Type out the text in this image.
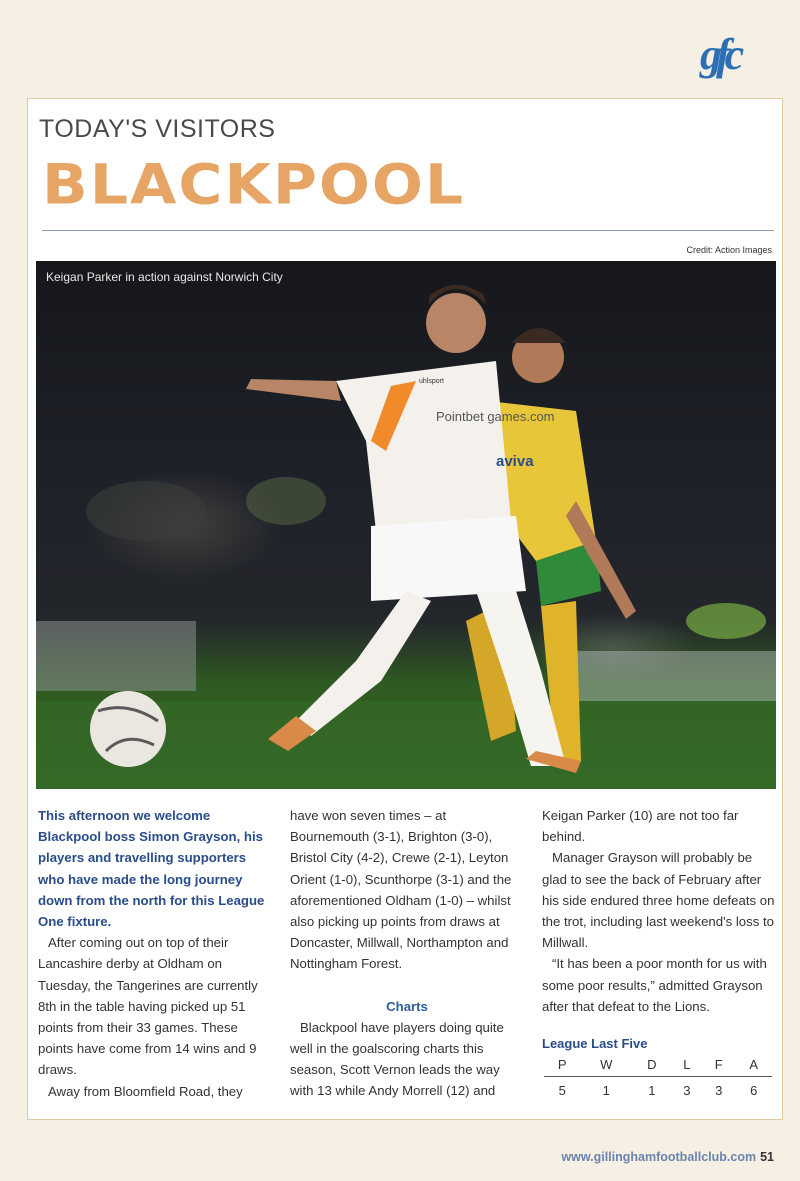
gfc
TODAY'S VISITORS
BLACKPOOL
Credit: Action Images
Pointbet games.com
aviva
uhlsport
Keigan Parker in action against Norwich City

This afternoon we welcome Blackpool boss Simon Grayson, his players and travelling supporters who have made the long journey down from the north for this League One fixture.

After coming out on top of their Lancashire derby at Oldham on Tuesday, the Tangerines are currently 8th in the table having picked up 51 points from their 33 games. These points have come from 14 wins and 9 draws.

Away from Bloomfield Road, they

have won seven times – at Bournemouth (3-1), Brighton (3-0), Bristol City (4-2), Crewe (2-1), Leyton Orient (1-0), Scunthorpe (3-1) and the aforementioned Oldham (1-0) – whilst also picking up points from draws at Doncaster, Millwall, Northampton and Nottingham Forest.

Charts

Blackpool have players doing quite well in the goalscoring charts this season, Scott Vernon leads the way with 13 while Andy Morrell (12) and

Keigan Parker (10) are not too far behind.

Manager Grayson will probably be glad to see the back of February after his side endured three home defeats on the trot, including last weekend's loss to Millwall.

“It has been a poor month for us with some poor results,” admitted Grayson after that defeat to the Lions.

League Last Five
P	W	D	L	F	A
5	1	1	3	3	6
www.gillinghamfootballclub.com 51
